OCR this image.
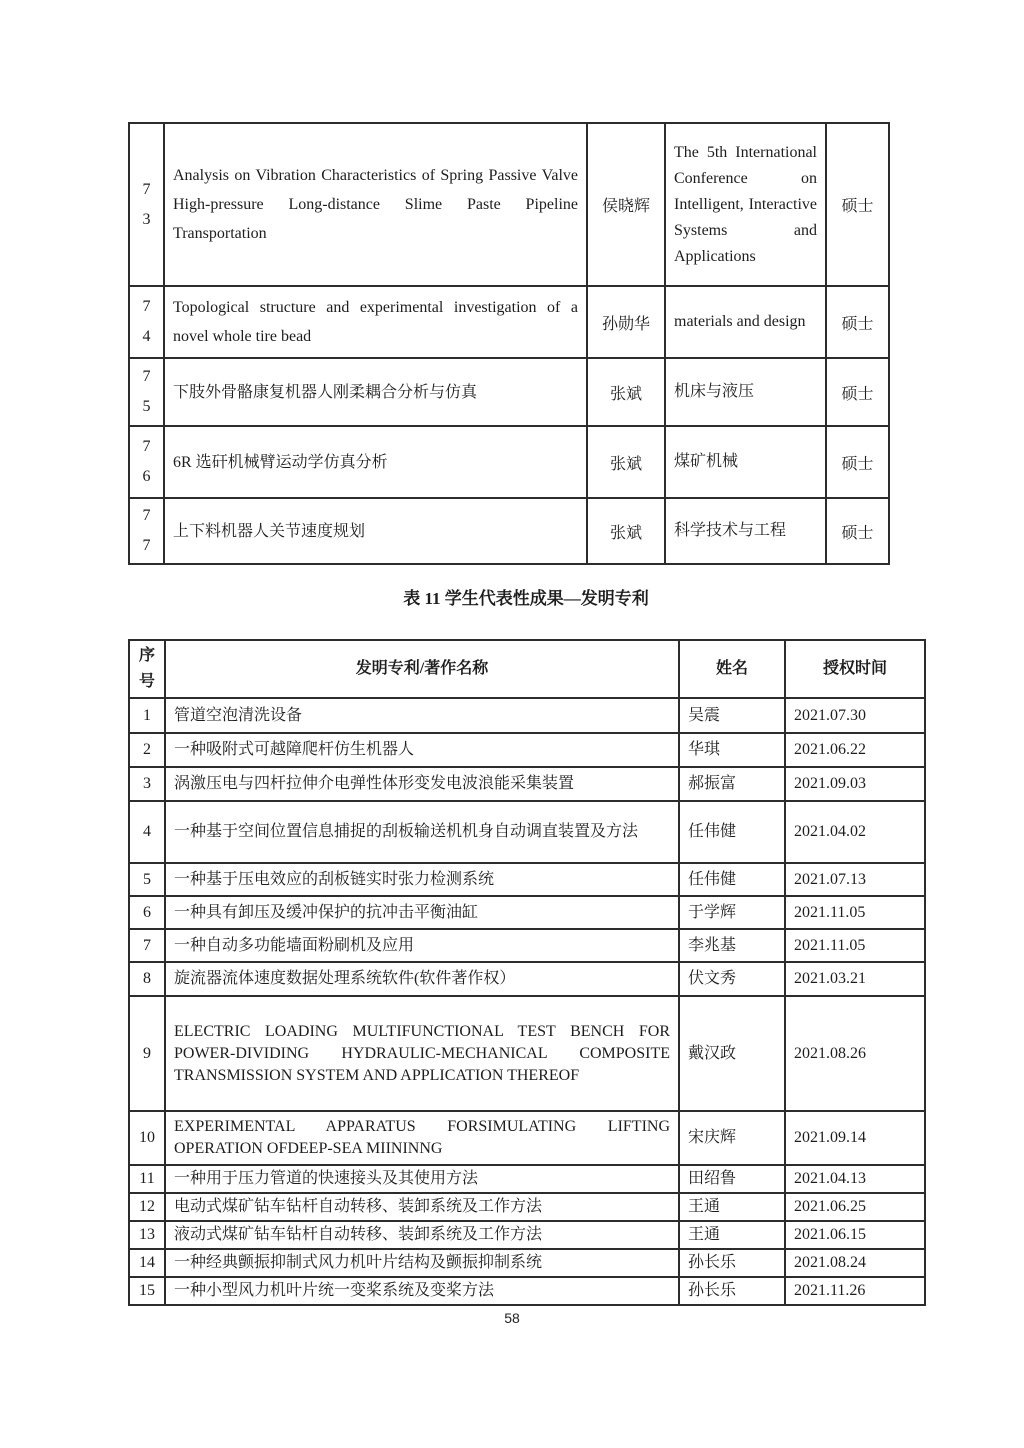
73	Analysis on Vibration Characteristics of Spring Passive Valve High-pressure Long-distance Slime Paste Pipeline Transportation	侯晓辉	The 5th International Conference on Intelligent, Interactive Systems and Applications	硕士

74	Topological structure and experimental investigation of a novel whole tire bead	孙勋华	materials and design	硕士

75	下肢外骨骼康复机器人刚柔耦合分析与仿真	张斌	机床与液压	硕士

76	6R 选矸机械臂运动学仿真分析	张斌	煤矿机械	硕士

77	上下料机器人关节速度规划	张斌	科学技术与工程	硕士
表 11 学生代表性成果—发明专利
序号	发明专利/著作名称	姓名	授权时间
1	管道空泡清洗设备	吴震	2021.07.30
2	一种吸附式可越障爬杆仿生机器人	华琪	2021.06.22
3	涡激压电与四杆拉伸介电弹性体形变发电波浪能采集装置	郝振富	2021.09.03
4	一种基于空间位置信息捕捉的刮板输送机机身自动调直装置及方法	任伟健	2021.04.02
5	一种基于压电效应的刮板链实时张力检测系统	任伟健	2021.07.13
6	一种具有卸压及缓冲保护的抗冲击平衡油缸	于学辉	2021.11.05
7	一种自动多功能墙面粉刷机及应用	李兆基	2021.11.05
8	旋流器流体速度数据处理系统软件(软件著作权）	伏文秀	2021.03.21
9	ELECTRIC LOADING MULTIFUNCTIONAL TEST BENCH FOR POWER-DIVIDING HYDRAULIC-MECHANICAL COMPOSITE TRANSMISSION SYSTEM AND APPLICATION THEREOF	戴汉政	2021.08.26
10	EXPERIMENTAL APPARATUS FORSIMULATING LIFTING OPERATION OFDEEP-SEA MIININNG	宋庆辉	2021.09.14
11	一种用于压力管道的快速接头及其使用方法	田绍鲁	2021.04.13
12	电动式煤矿钻车钻杆自动转移、装卸系统及工作方法	王通	2021.06.25
13	液动式煤矿钻车钻杆自动转移、装卸系统及工作方法	王通	2021.06.15
14	一种经典颤振抑制式风力机叶片结构及颤振抑制系统	孙长乐	2021.08.24
15	一种小型风力机叶片统一变桨系统及变桨方法	孙长乐	2021.11.26
58
